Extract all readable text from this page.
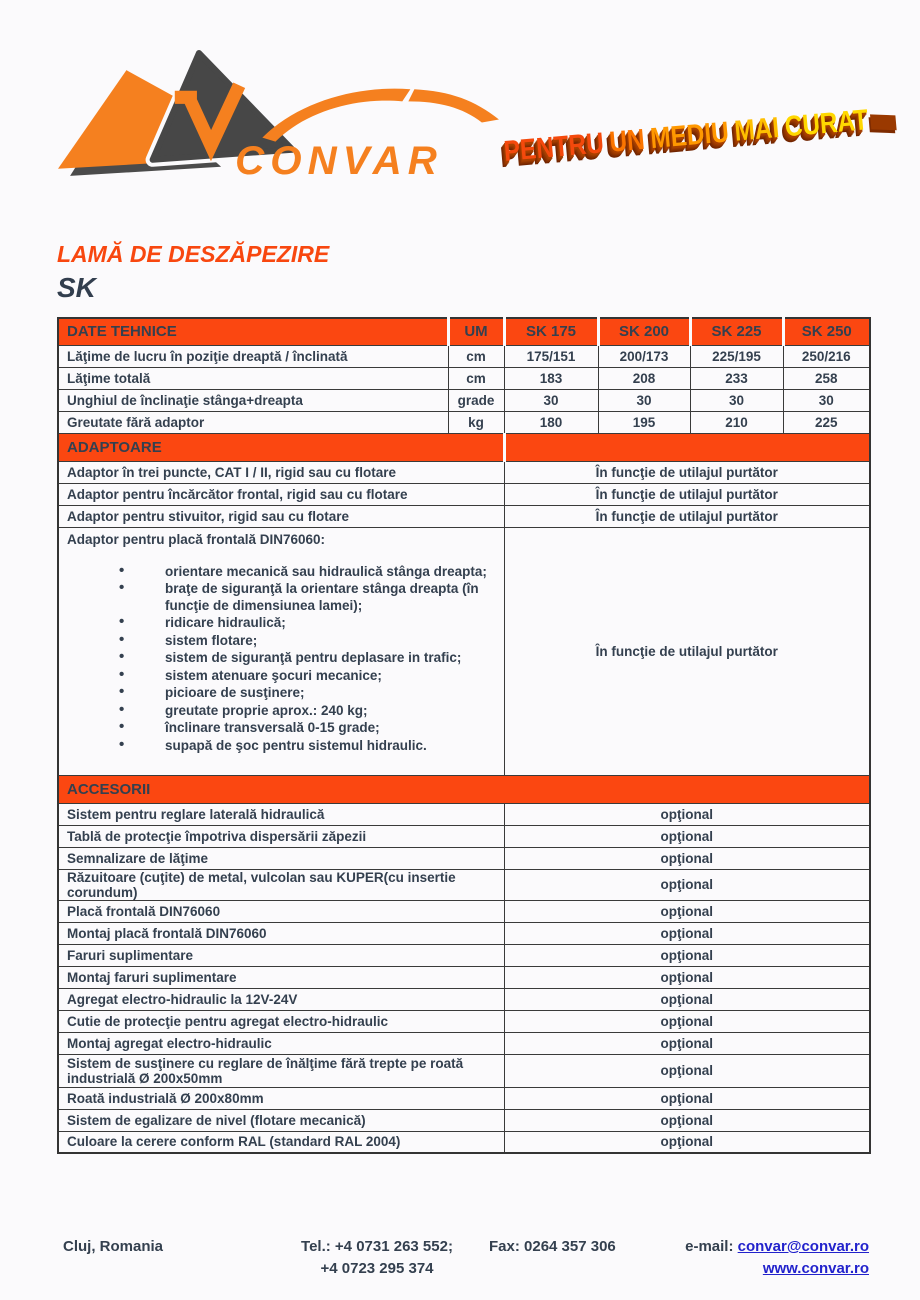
CONVAR PENTRU UN MEDIU MAI CURAT
LAMĂ DE DESZĂPEZIRE
SK
DATE TEHNICE	UM	SK 175	SK 200	SK 225	SK 250
Lăţime de lucru în poziţie dreaptă / înclinată	cm	175/151	200/173	225/195	250/216
Lăţime totală	cm	183	208	233	258
Unghiul de înclinaţie stânga+dreapta	grade	30	30	30	30
Greutate fără adaptor	kg	180	195	210	225
ADAPTOARE					
Adaptor în trei puncte, CAT I / II, rigid sau cu flotare		În funcţie de utilajul purtător			
Adaptor pentru încărcător frontal, rigid sau cu flotare		În funcţie de utilajul purtător			
Adaptor pentru stivuitor, rigid sau cu flotare		În funcţie de utilajul purtător			

Adaptor pentru placă frontală DIN76060:
• orientare mecanică sau hidraulică stânga dreapta;
• braţe de siguranţă la orientare stânga dreapta (în funcţie de dimensiunea lamei);
• ridicare hidraulică;
• sistem flotare;
• sistem de siguranţă pentru deplasare in trafic;
• sistem atenuare şocuri mecanice;
• picioare de susţinere;
• greutate proprie aprox.: 240 kg;
• înclinare transversală 0-15 grade;
• supapă de şoc pentru sistemul hidraulic.
	În funcţie de utilajul purtător
ACCESORII					
Sistem pentru reglare laterală hidraulică		opţional			
Tablă de protecţie împotriva dispersării zăpezii		opţional			
Semnalizare de lăţime		opţional			
Răzuitoare (cuţite) de metal, vulcolan sau KUPER(cu insertie corundum)		opţional			
Placă frontală DIN76060		opţional			
Montaj placă frontală DIN76060		opţional			
Faruri suplimentare		opţional			
Montaj faruri suplimentare		opţional			
Agregat electro-hidraulic la 12V-24V		opţional			
Cutie de protecţie pentru agregat electro-hidraulic		opţional			
Montaj agregat electro-hidraulic		opţional			
Sistem de susţinere cu reglare de înălţime fără trepte pe roată industrială Ø 200x50mm		opţional			
Roată industrială Ø 200x80mm		opţional			
Sistem de egalizare de nivel (flotare mecanică)		opţional			
Culoare la cerere conform RAL (standard RAL 2004)		opţional			
Cluj, Romania	Tel.: +4 0731 263 552;
+4 0723 295 374
Fax: 0264 357 306	e-mail: convar@convar.ro
www.convar.ro
